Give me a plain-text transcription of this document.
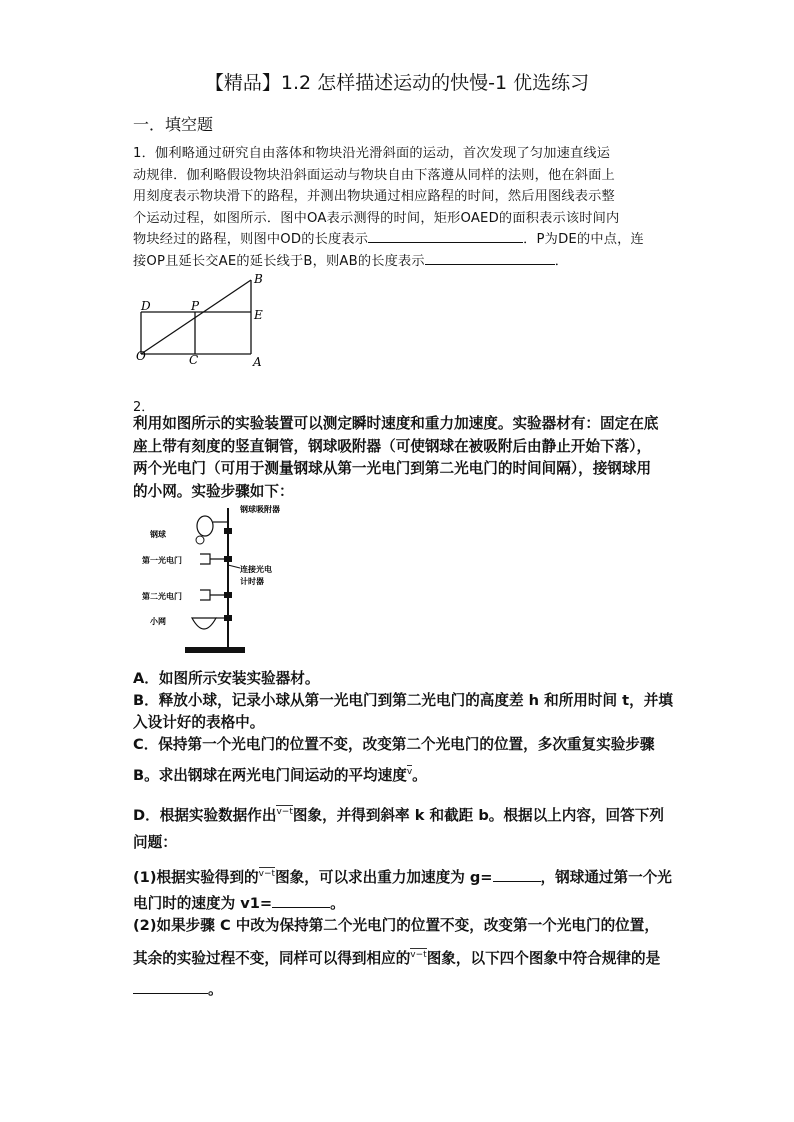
【精品】1.2 怎样描述运动的快慢-1 优选练习
一．填空题
1．伽利略通过研究自由落体和物块沿光滑斜面的运动，首次发现了匀加速直线运
动规律．伽利略假设物块沿斜面运动与物块自由下落遵从同样的法则，他在斜面上
用刻度表示物块滑下的路程，并测出物块通过相应路程的时间，然后用图线表示整
个运动过程，如图所示．图中OA表示测得的时间，矩形OAED的面积表示该时间内
物块经过的路程，则图中OD的长度表示	．P为DE的中点，连
接OP且延长交AE的延长线于B，则AB的长度表示	．
B
D	P
E
O	C	A
2．
利用如图所示的实验装置可以测定瞬时速度和重力加速度。实验器材有：固定在底座上带有刻度的竖直铜管，钢球吸附器（可使钢球在被吸附后由静止开始下落），两个光电门（可用于测量钢球从第一光电门到第二光电门的时间间隔），接钢球用的小网。实验步骤如下：
钢球吸附器
钢球
第一光电门
连接光电
计时器
第二光电门
小网
A．如图所示安装实验器材。
B．释放小球，记录小球从第一光电门到第二光电门的高度差 h 和所用时间 t，并填
入设计好的表格中。
C．保持第一个光电门的位置不变，改变第二个光电门的位置，多次重复实验步骤
B。求出钢球在两光电门间运动的平均速度$^v$。
D．根据实验数据作出$^{v-t}$图象，并得到斜率 k 和截距 b。根据以上内容，回答下列
问题：
(1)根据实验得到的$^{v-t}$图象，可以求出重力加速度为 g=	，钢球通过第一个光
电门时的速度为 v1=	。
(2)如果步骤 C 中改为保持第二个光电门的位置不变，改变第一个光电门的位置，
其余的实验过程不变，同样可以得到相应的$^{v-t}$图象，以下四个图象中符合规律的是
。
